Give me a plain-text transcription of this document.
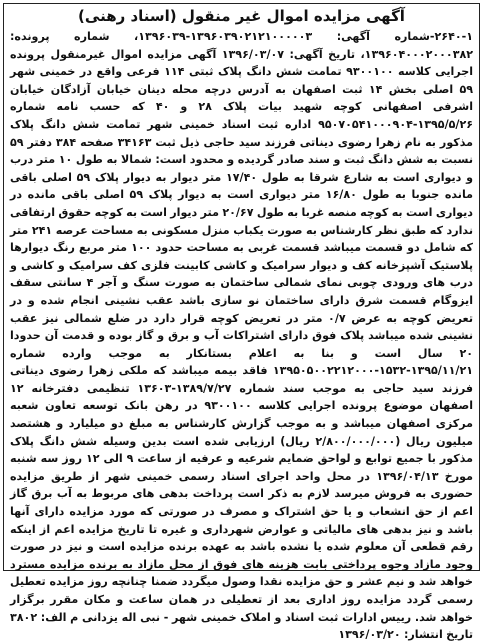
آگهی مزایده اموال غیر منقول (اسناد رهنی)

۲۶۴۰-۱-شماره آگهی: ۱۳۹۶۰۳۹۰۲۱۲۱۰۰۰۰۰۳-۱۳۹۶۰۳۹، شماره پرونده: ۱۳۹۶۰۴۰۰۰۲۰۰۰۳۸۲، تاریخ آگهی: ۱۳۹۶/۰۳/۰۷ آگهی مزایده اموال غیرمنقول پرونده اجرایی کلاسه ۹۳۰۰۱۰۰ تمامت شش دانگ پلاک ثبتی ۱۱۴ فرعی واقع در خمینی شهر ۵۹ اصلی بخش ۱۴ ثبت اصفهان به آدرس درچه محله دینان خیابان آزادگان خیابان اشرفی اصفهانی کوچه شهید بیات پلاک ۲۸ و ۴۰ که حسب نامه شماره ۱۳۹۵/۵/۲۶-۹۵۰۷۰۵۴۱۰۰۰۹۰۴ اداره ثبت اسناد خمینی شهر تمامت شش دانگ پلاک مذکور به نام زهرا رضوی دیناتی فرزند سید حاجی ذیل ثبت ۳۴۱۶۳ صفحه ۳۸۴ دفتر ۵۹ نسبت به شش دانگ ثبت و سند صادر گردیده و محدود است: شمالا به طول ۱۰ متر درب و دیواری است به شارع شرقا به طول ۱۷/۴۰ متر دیوار به دیوار پلاک ۵۹ اصلی باقی مانده جنوبا به طول ۱۶/۸۰ متر دیواری است به دیوار پلاک ۵۹ اصلی باقی مانده در دیواری است به کوچه منصه غربا به طول ۲۰/۶۷ متر دیوار است به کوچه حقوق ارتفاقی ندارد که طبق نظر کارشناس به صورت یکباب منزل مسکونی به مساحت عرصه ۲۴۱ متر که شامل دو قسمت میباشد قسمت غربی به مساحت حدود ۱۰۰ متر مربع رنگ دیوارها پلاستیک آشپزخانه کف و دیوار سرامیک و کاشی کابینت فلزی کف سرامیک و کاشی و درب های ورودی چوبی نمای شمالی ساختمان به صورت سنگ و آجر ۴ سانتی سقف ایزوگام قسمت شرق دارای ساختمان نو سازی باشد عقب نشینی انجام شده و در تعریض کوچه به عرض ۰/۷ متر در تعریض کوچه قرار دارد در ضلع شمالی نیز عقب نشینی شده میباشد پلاک فوق دارای اشتراکات آب و برق و گاز بوده و قدمت آن حدودا ۲۰ سال است و بنا به اعلام بستانکار به موجب وارده شماره ۱۳۹۵/۱۱/۲۱-۱۵۳۲-۱۳۹۵۰۵۰۰۲۲۱۲۰۰۰ فاقد بیمه میباشد که ملکی زهرا رضوی دیناتی فرزند سید حاجی به موجب سند شماره ۱۳۸۹/۷/۲۷-۱۳۶۰۳ تنظیمی دفترخانه ۱۲ اصفهان موضوع پرونده اجرایی کلاسه ۹۳۰۰۱۰۰ در رهن بانک توسعه تعاون شعبه مرکزی اصفهان میباشد و به موجب گزارش کارشناس به مبلغ دو میلیارد و هشتصد میلیون ریال (۲/۸۰۰/۰۰۰/۰۰۰ ریال) ارزیابی شده است بدین وسیله شش دانگ پلاک مذکور با جمیع توابع و لواحق ضمایم شرعیه و عرفیه از ساعت ۹ الی ۱۲ روز سه شنبه مورخ ۱۳۹۶/۰۴/۱۳ در محل واحد اجرای اسناد رسمی خمینی شهر از طریق مزایده حضوری به فروش میرسد لازم به ذکر است پرداخت بدهی های مربوط به آب برق گاز اعم از حق انشعاب و یا حق اشتراک و مصرف در صورتی که مورد مزایده دارای آنها باشد و نیز بدهی های مالیاتی و عوارض شهرداری و غیره تا تاریخ مزایده اعم از اینکه رقم قطعی آن معلوم شده یا نشده باشد به عهده برنده مزایده است و نیز در صورت وجود مازاد وجوه پرداختی بابت هزینه های فوق از محل مازاد به برنده مزایده مسترد خواهد شد و نیم عشر و حق مزایده نقدا وصول میگردد ضمنا چنانچه روز مزایده تعطیل رسمی گردد مزایده روز اداری بعد از تعطیلی در همان ساعت و مکان مقرر برگزار خواهد شد. رییس ادارات ثبت اسناد و املاک خمینی شهر - نبی اله یزدانی م الف: ۳۸۰۲ تاریخ انتشار: ۱۳۹۶/۰۳/۲۰
